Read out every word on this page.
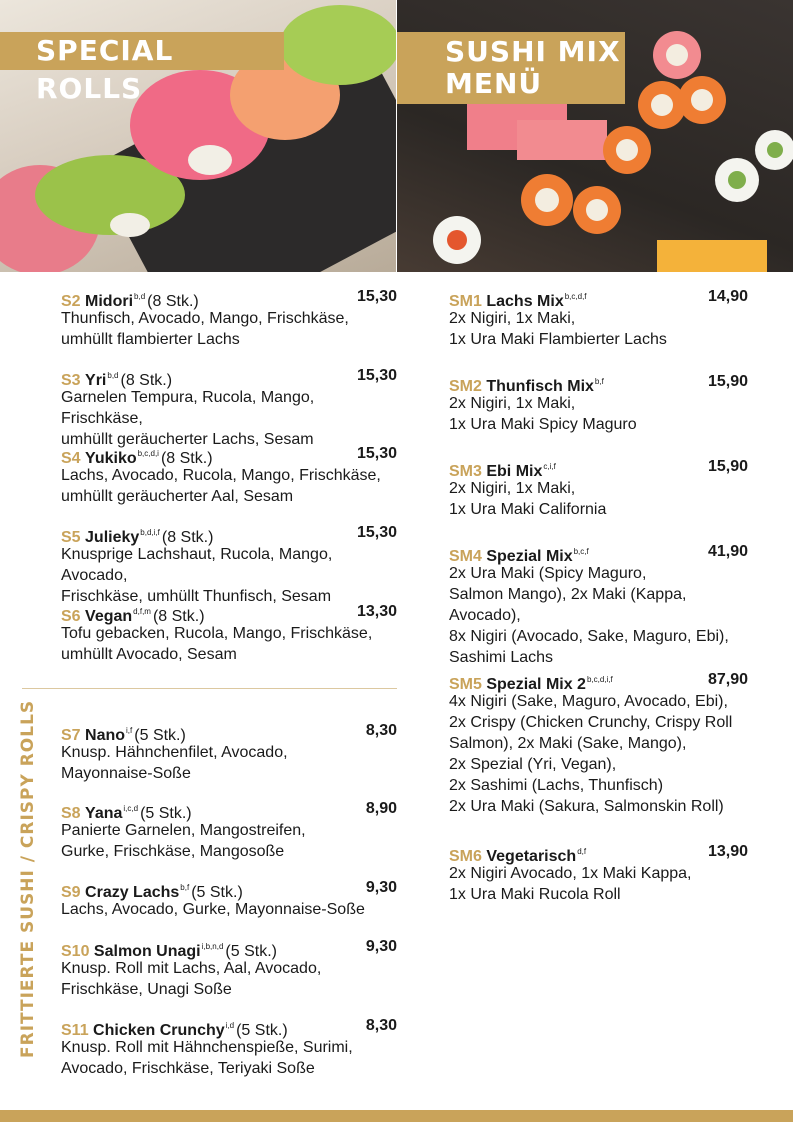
SPECIAL ROLLS
SUSHI MIX
MENÜ
S2 Midori$^{b,d}$ (8 Stk.)	15,30
Thunfisch, Avocado, Mango, Frischkäse,
umhüllt flambierter Lachs
S3 Yri$^{b,d}$ (8 Stk.)	15,30
Garnelen Tempura, Rucola, Mango, Frischkäse,
umhüllt geräucherter Lachs, Sesam
S4 Yukiko$^{b,c,d,i}$ (8 Stk.)	15,30
Lachs, Avocado, Rucola, Mango, Frischkäse,
umhüllt geräucherter Aal, Sesam
S5 Julieky$^{b,d,i,f}$ (8 Stk.)	15,30
Knusprige Lachshaut, Rucola, Mango, Avocado,
Frischkäse, umhüllt Thunfisch, Sesam
S6 Vegan$^{d,f,m}$ (8 Stk.)	13,30
Tofu gebacken, Rucola, Mango, Frischkäse,
umhüllt Avocado, Sesam
FRITTIERTE SUSHI / CRISPY ROLLS S7 Nano$^{i,f}$ (5 Stk.)	8,30
Knusp. Hähnchenfilet, Avocado,
Mayonnaise-Soße
S8 Yana$^{i,c,d}$ (5 Stk.)	8,90
Panierte Garnelen, Mangostreifen,
Gurke, Frischkäse, Mangosoße
S9 Crazy Lachs$^{b,f}$ (5 Stk.)	9,30
Lachs, Avocado, Gurke, Mayonnaise-Soße
S10 Salmon Unagi$^{i,b,n,d}$ (5 Stk.)	9,30
Knusp. Roll mit Lachs, Aal, Avocado,
Frischkäse, Unagi Soße
S11 Chicken Crunchy$^{i,d}$ (5 Stk.)	8,30
Knusp. Roll mit Hähnchenspieße, Surimi,
Avocado, Frischkäse, Teriyaki Soße
SM1 Lachs Mix$^{b,c,d,f}$	14,90
2x Nigiri, 1x Maki,
1x Ura Maki Flambierter Lachs
SM2 Thunfisch Mix$^{b,f}$	15,90
2x Nigiri, 1x Maki,
1x Ura Maki Spicy Maguro
SM3 Ebi Mix$^{c,i,f}$	15,90
2x Nigiri, 1x Maki,
1x Ura Maki California
SM4 Spezial Mix$^{b,c,f}$	41,90
2x Ura Maki (Spicy Maguro,
Salmon Mango), 2x Maki (Kappa, Avocado),
8x Nigiri (Avocado, Sake, Maguro, Ebi),
Sashimi Lachs
SM5 Spezial Mix 2$^{b,c,d,i,f}$	87,90
4x Nigiri (Sake, Maguro, Avocado, Ebi),
2x Crispy (Chicken Crunchy, Crispy Roll
Salmon), 2x Maki (Sake, Mango),
2x Spezial (Yri, Vegan),
2x Sashimi (Lachs, Thunfisch)
2x Ura Maki (Sakura, Salmonskin Roll)
SM6 Vegetarisch$^{d,f}$	13,90
2x Nigiri Avocado, 1x Maki Kappa,
1x Ura Maki Rucola Roll
